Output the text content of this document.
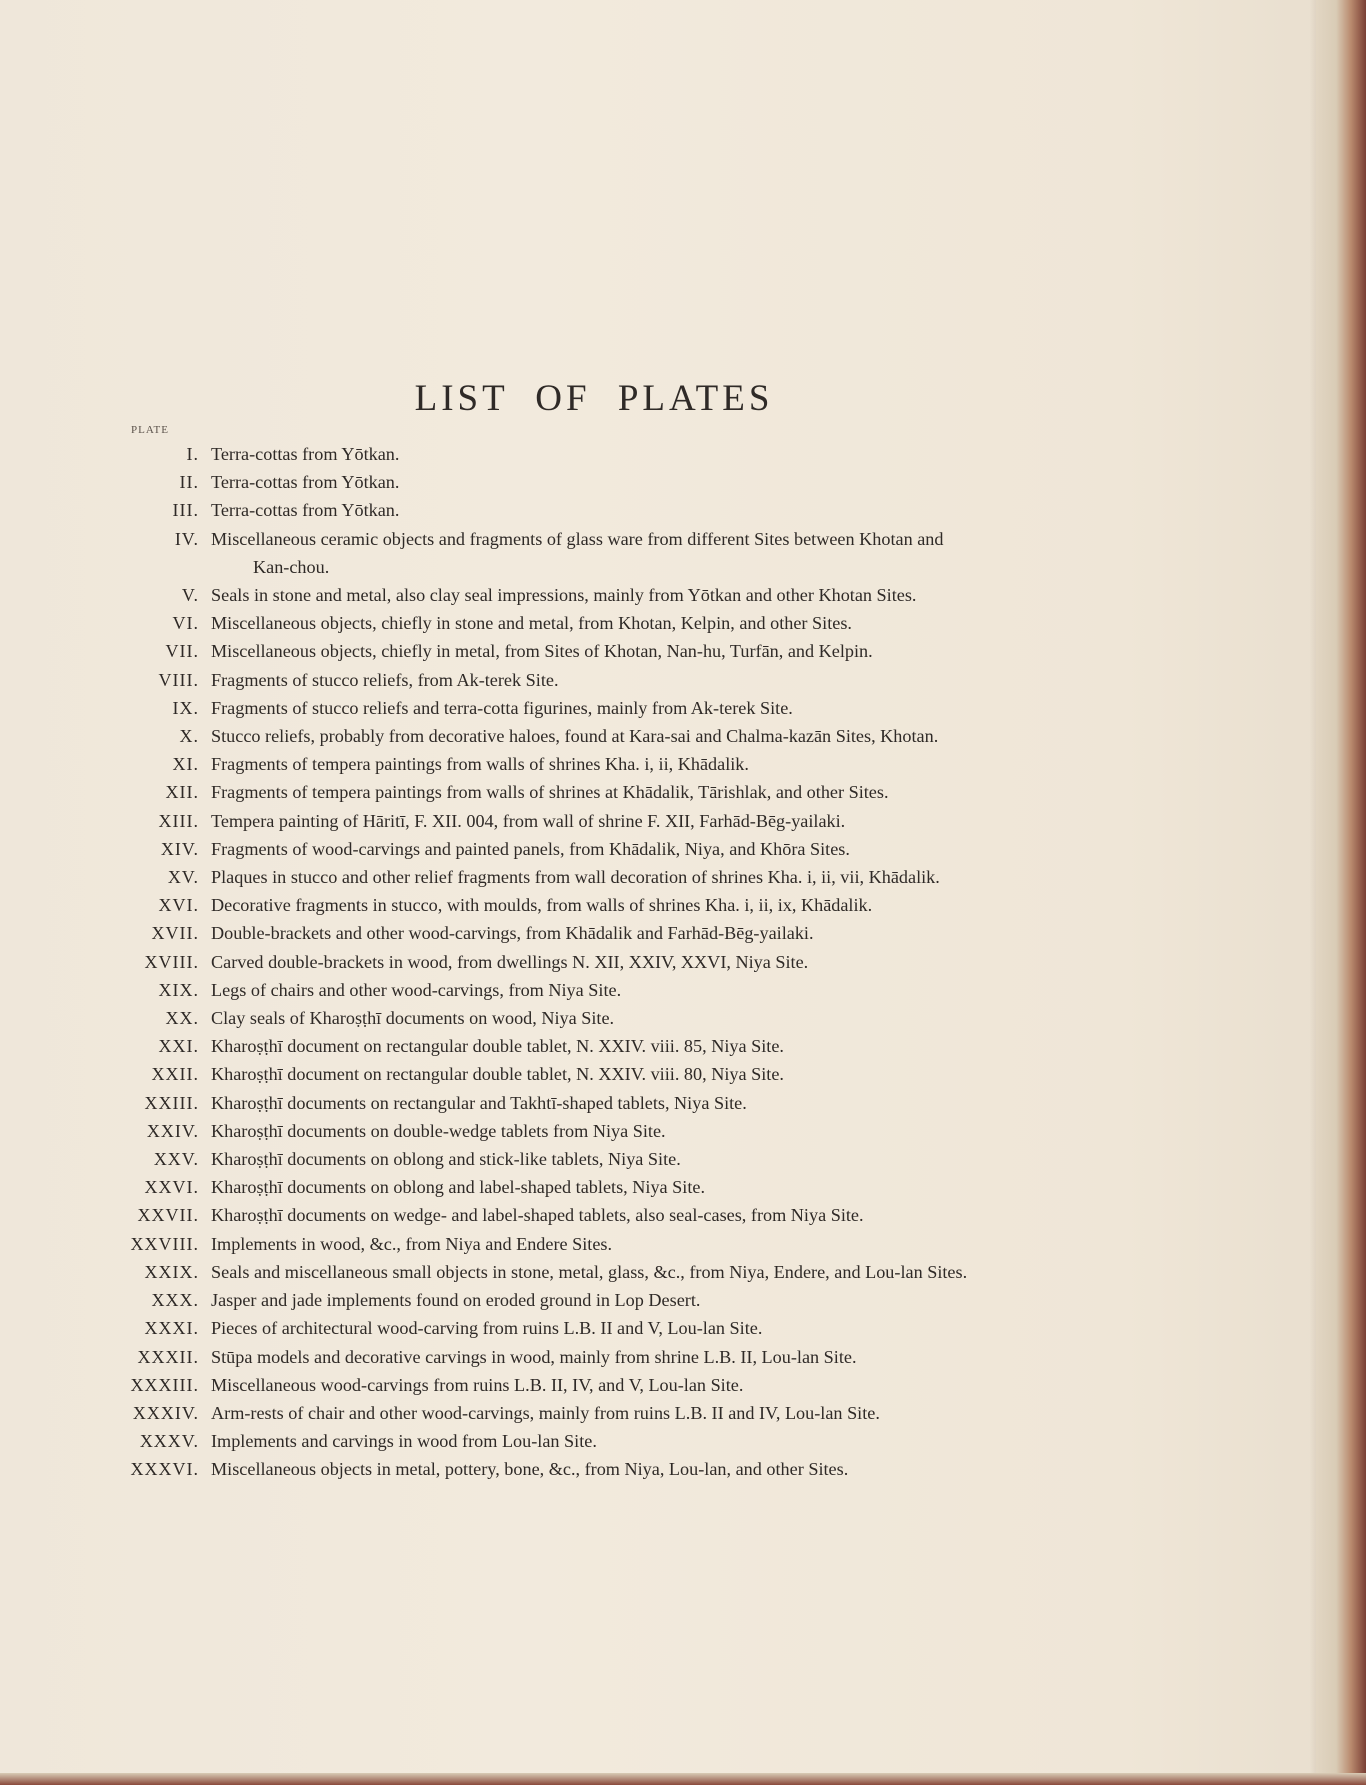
LIST OF PLATES
PLATE
I. Terra-cottas from Yōtkan.
II. Terra-cottas from Yōtkan.
III. Terra-cottas from Yōtkan.
IV. Miscellaneous ceramic objects and fragments of glass ware from different Sites between Khotan and
Kan-chou.
V. Seals in stone and metal, also clay seal impressions, mainly from Yōtkan and other Khotan Sites.
VI. Miscellaneous objects, chiefly in stone and metal, from Khotan, Kelpin, and other Sites.
VII. Miscellaneous objects, chiefly in metal, from Sites of Khotan, Nan-hu, Turfān, and Kelpin.
VIII. Fragments of stucco reliefs, from Ak-terek Site.
IX. Fragments of stucco reliefs and terra-cotta figurines, mainly from Ak-terek Site.
X. Stucco reliefs, probably from decorative haloes, found at Kara-sai and Chalma-kazān Sites, Khotan.
XI. Fragments of tempera paintings from walls of shrines Kha. i, ii, Khādalik.
XII. Fragments of tempera paintings from walls of shrines at Khādalik, Tārishlak, and other Sites.
XIII. Tempera painting of Hāritī, F. XII. 004, from wall of shrine F. XII, Farhād-Bēg-yailaki.
XIV. Fragments of wood-carvings and painted panels, from Khādalik, Niya, and Khōra Sites.
XV. Plaques in stucco and other relief fragments from wall decoration of shrines Kha. i, ii, vii, Khādalik.
XVI. Decorative fragments in stucco, with moulds, from walls of shrines Kha. i, ii, ix, Khādalik.
XVII. Double-brackets and other wood-carvings, from Khādalik and Farhād-Bēg-yailaki.
XVIII. Carved double-brackets in wood, from dwellings N. XII, XXIV, XXVI, Niya Site.
XIX. Legs of chairs and other wood-carvings, from Niya Site.
XX. Clay seals of Kharoṣṭhī documents on wood, Niya Site.
XXI. Kharoṣṭhī document on rectangular double tablet, N. XXIV. viii. 85, Niya Site.
XXII. Kharoṣṭhī document on rectangular double tablet, N. XXIV. viii. 80, Niya Site.
XXIII. Kharoṣṭhī documents on rectangular and Takhtī-shaped tablets, Niya Site.
XXIV. Kharoṣṭhī documents on double-wedge tablets from Niya Site.
XXV. Kharoṣṭhī documents on oblong and stick-like tablets, Niya Site.
XXVI. Kharoṣṭhī documents on oblong and label-shaped tablets, Niya Site.
XXVII. Kharoṣṭhī documents on wedge- and label-shaped tablets, also seal-cases, from Niya Site.
XXVIII. Implements in wood, &c., from Niya and Endere Sites.
XXIX. Seals and miscellaneous small objects in stone, metal, glass, &c., from Niya, Endere, and Lou-lan Sites.
XXX. Jasper and jade implements found on eroded ground in Lop Desert.
XXXI. Pieces of architectural wood-carving from ruins L.B. II and V, Lou-lan Site.
XXXII. Stūpa models and decorative carvings in wood, mainly from shrine L.B. II, Lou-lan Site.
XXXIII. Miscellaneous wood-carvings from ruins L.B. II, IV, and V, Lou-lan Site.
XXXIV. Arm-rests of chair and other wood-carvings, mainly from ruins L.B. II and IV, Lou-lan Site.
XXXV. Implements and carvings in wood from Lou-lan Site.
XXXVI. Miscellaneous objects in metal, pottery, bone, &c., from Niya, Lou-lan, and other Sites.
